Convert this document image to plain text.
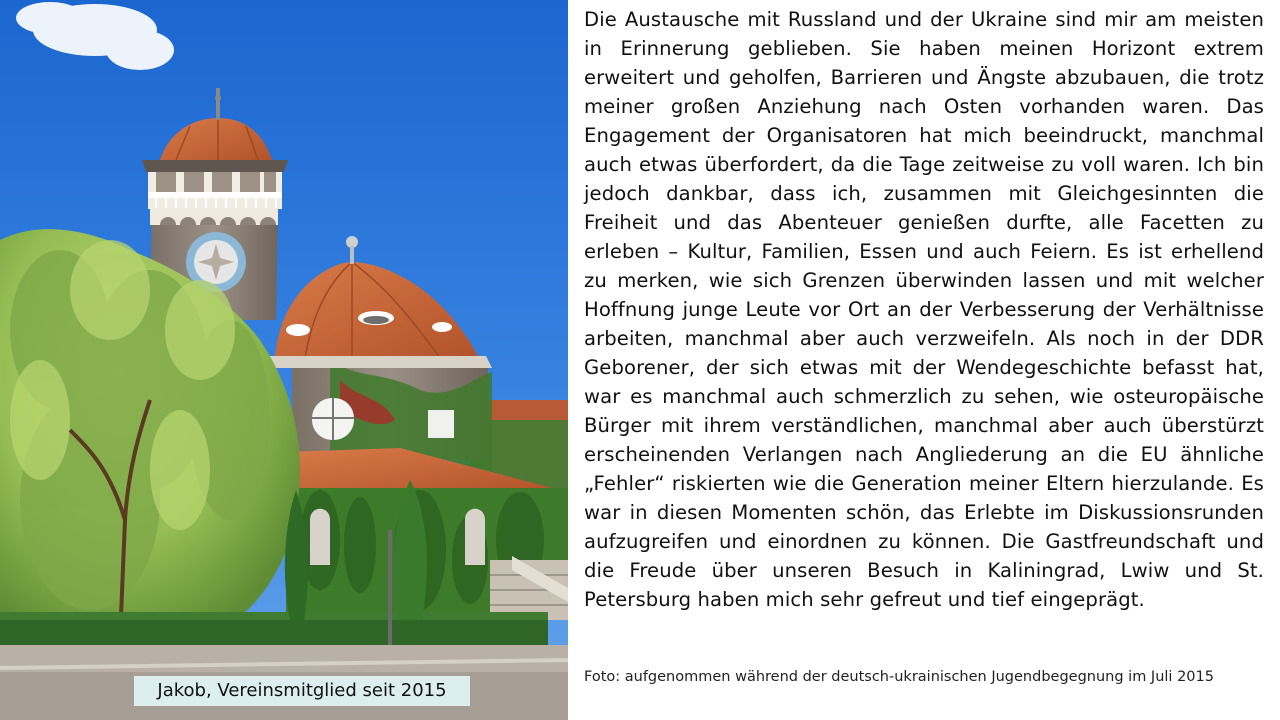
Jakob, Vereinsmitglied seit 2015

Die Austausche mit Russland und der Ukraine sind mir am meisten in Erinnerung geblieben. Sie haben meinen Horizont extrem erweitert und geholfen, Barrieren und Ängste abzubauen, die trotz meiner großen Anziehung nach Osten vorhanden waren. Das Engagement der Organisatoren hat mich beeindruckt, manchmal auch etwas überfordert, da die Tage zeitweise zu voll waren. Ich bin jedoch dankbar, dass ich, zusammen mit Gleichgesinnten die Freiheit und das Abenteuer genießen durfte, alle Facetten zu erleben – Kultur, Familien, Essen und auch Feiern. Es ist erhellend zu merken, wie sich Grenzen überwinden lassen und mit welcher Hoffnung junge Leute vor Ort an der Verbesserung der Verhältnisse arbeiten, manchmal aber auch verzweifeln. Als noch in der DDR Geborener, der sich etwas mit der Wendegeschichte befasst hat, war es manchmal auch schmerzlich zu sehen, wie osteuropäische Bürger mit ihrem verständlichen, manchmal aber auch überstürzt erscheinenden Verlangen nach Angliederung an die EU ähnliche „Fehler“ riskierten wie die Generation meiner Eltern hierzulande. Es war in diesen Momenten schön, das Erlebte im Diskussionsrunden aufzugreifen und einordnen zu können. Die Gastfreundschaft und die Freude über unseren Besuch in Kaliningrad, Lwiw und St. Petersburg haben mich sehr gefreut und tief eingeprägt.

Foto: aufgenommen während der deutsch-ukrainischen Jugendbegegnung im Juli 2015
